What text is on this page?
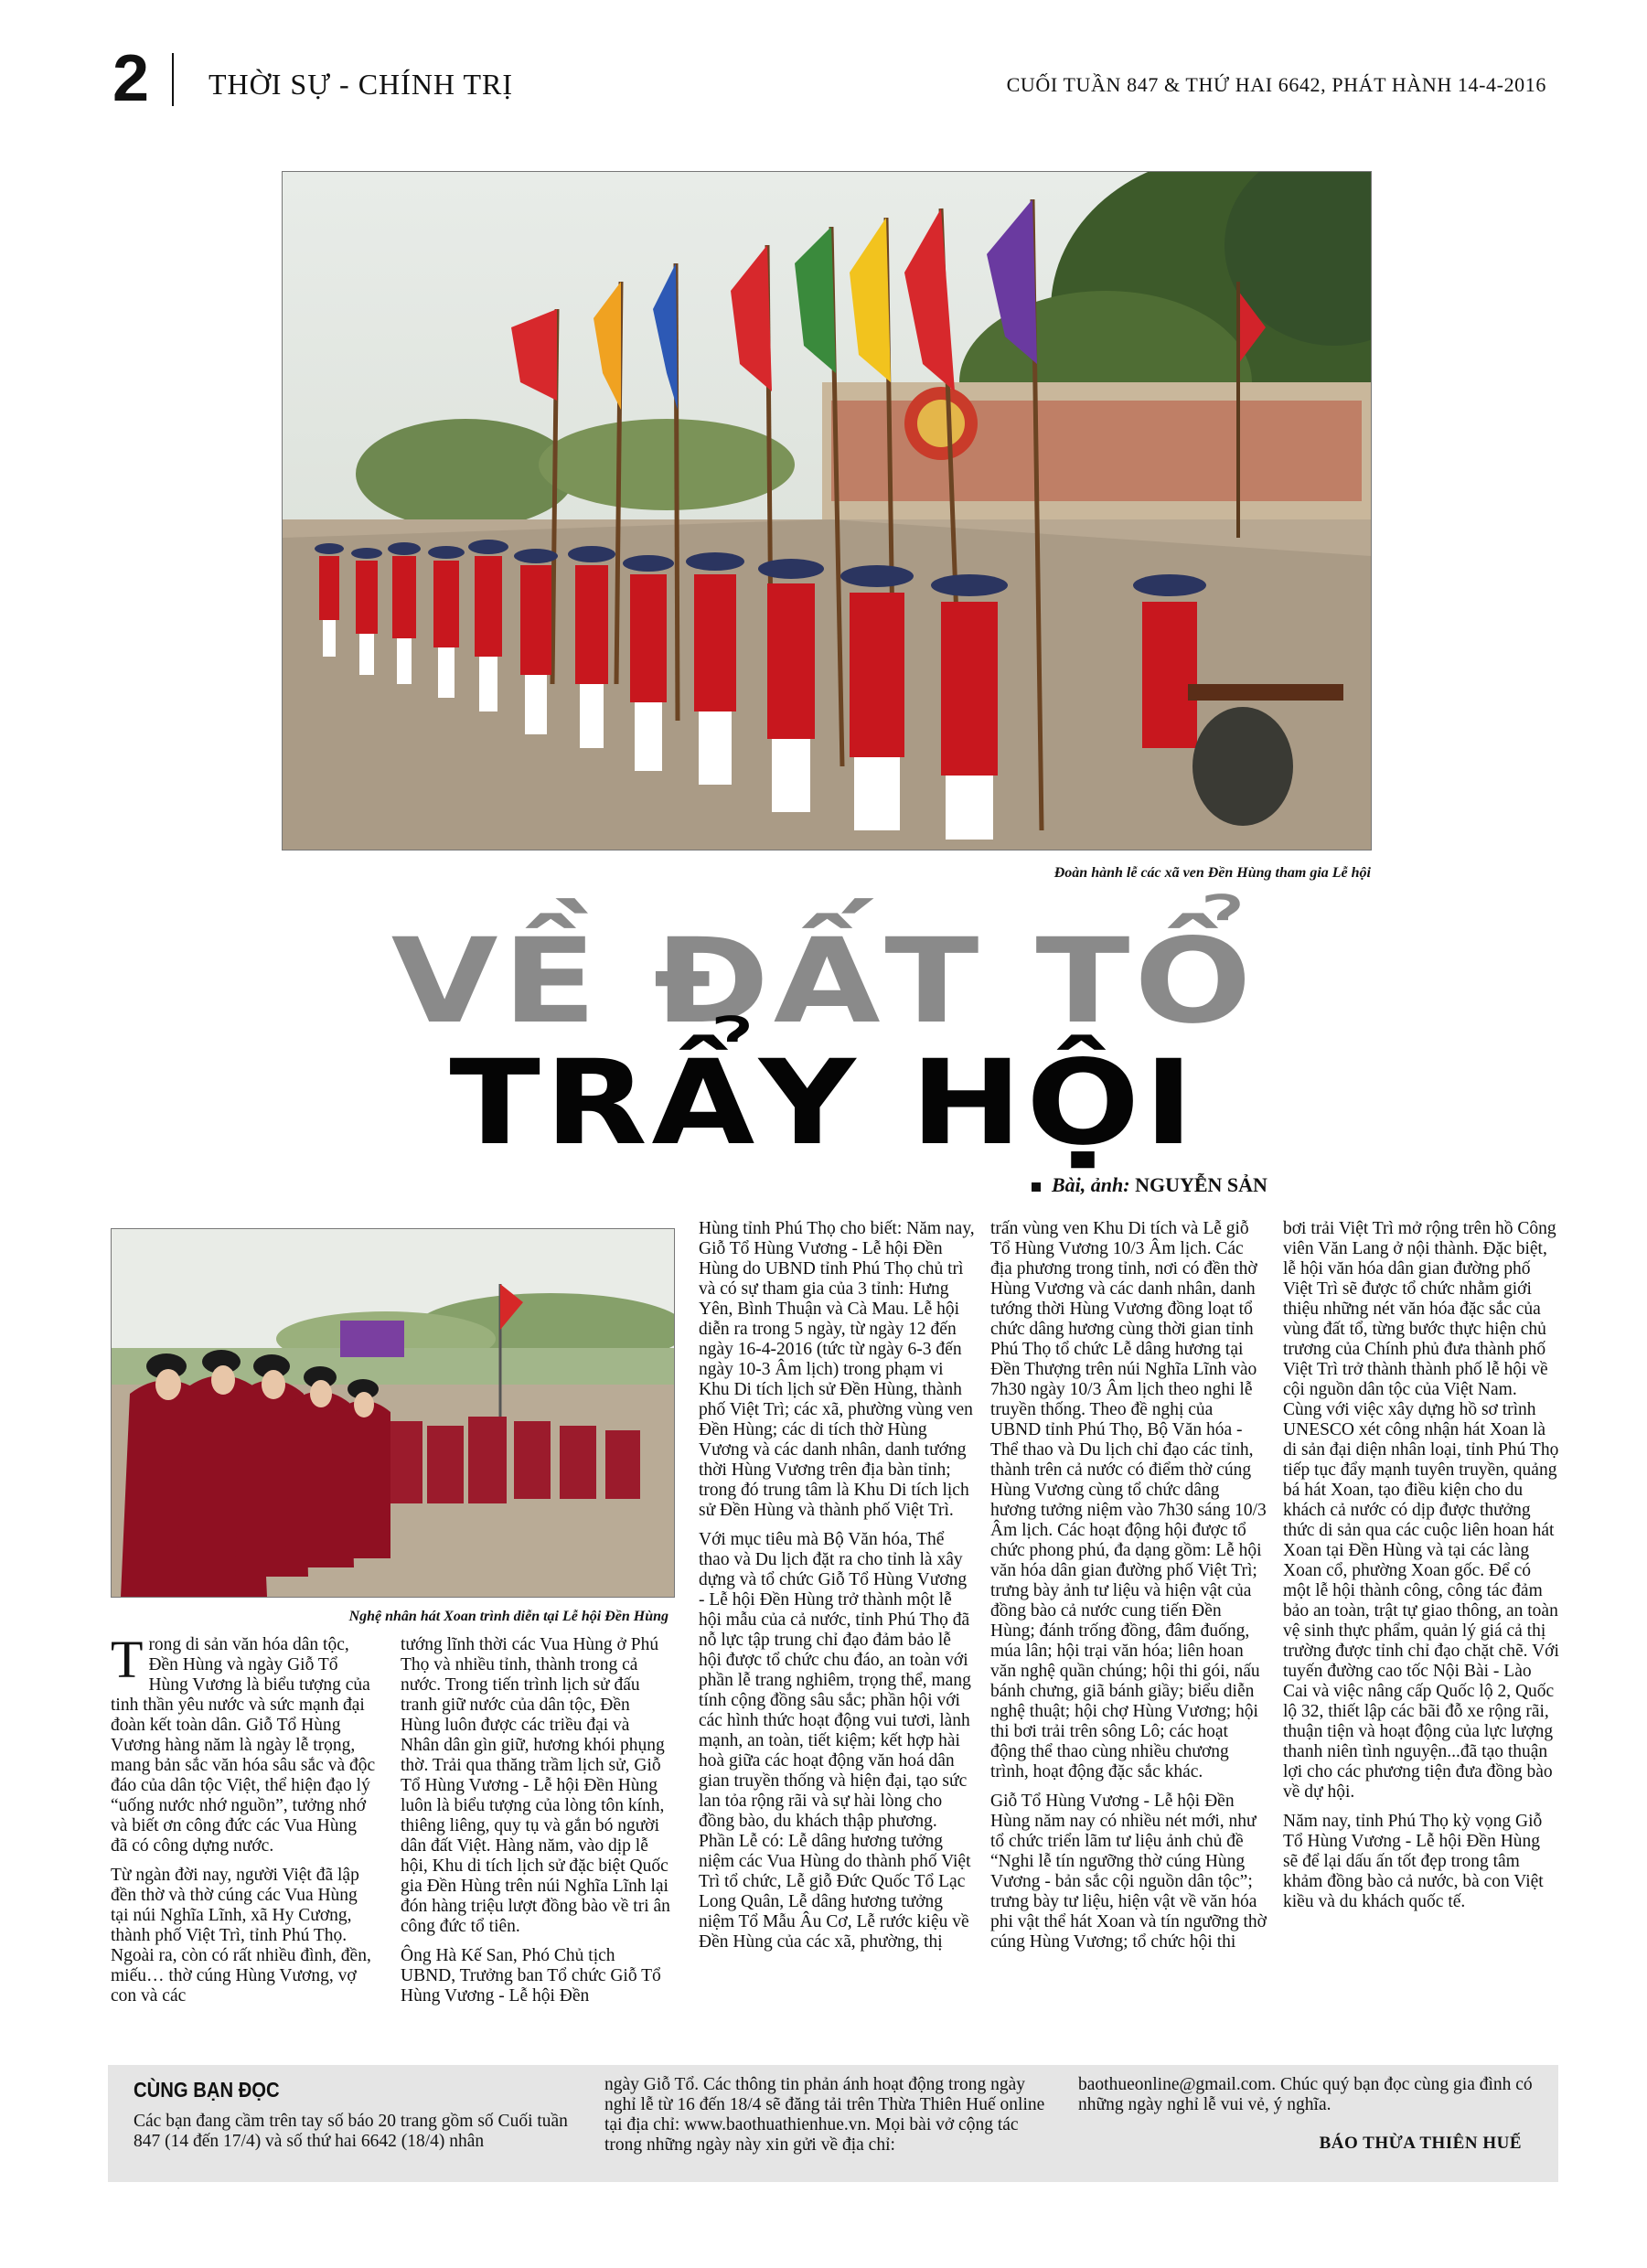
2 THỜI SỰ - CHÍNH TRỊ	CUỐI TUẦN 847 & THỨ HAI 6642, PHÁT HÀNH 14-4-2016
Đoàn hành lễ các xã ven Đền Hùng tham gia Lễ hội
VỀ ĐẤT TỔ
TRẨY HỘI
Bài, ảnh: NGUYỄN SẢN
Nghệ nhân hát Xoan trình diễn tại Lễ hội Đền Hùng

Trong di sản văn hóa dân tộc, Đền Hùng và ngày Giỗ Tổ Hùng Vương là biểu tượng của tinh thần yêu nước và sức mạnh đại đoàn kết toàn dân. Giỗ Tổ Hùng Vương hàng năm là ngày lễ trọng, mang bản sắc văn hóa sâu sắc và độc đáo của dân tộc Việt, thể hiện đạo lý “uống nước nhớ nguồn”, tưởng nhớ và biết ơn công đức các Vua Hùng đã có công dựng nước.

Từ ngàn đời nay, người Việt đã lập đền thờ và thờ cúng các Vua Hùng tại núi Nghĩa Lĩnh, xã Hy Cương, thành phố Việt Trì, tỉnh Phú Thọ. Ngoài ra, còn có rất nhiều đình, đền, miếu… thờ cúng Hùng Vương, vợ con và các

tướng lĩnh thời các Vua Hùng ở Phú Thọ và nhiều tỉnh, thành trong cả nước. Trong tiến trình lịch sử đấu tranh giữ nước của dân tộc, Đền Hùng luôn được các triều đại và Nhân dân gìn giữ, hương khói phụng thờ. Trải qua thăng trầm lịch sử, Giỗ Tổ Hùng Vương - Lễ hội Đền Hùng luôn là biểu tượng của lòng tôn kính, thiêng liêng, quy tụ và gắn bó người dân đất Việt. Hàng năm, vào dịp lễ hội, Khu di tích lịch sử đặc biệt Quốc gia Đền Hùng trên núi Nghĩa Lĩnh lại đón hàng triệu lượt đồng bào về tri ân công đức tổ tiên.

Ông Hà Kế San, Phó Chủ tịch UBND, Trưởng ban Tổ chức Giỗ Tổ Hùng Vương - Lễ hội Đền

Hùng tỉnh Phú Thọ cho biết: Năm nay, Giỗ Tổ Hùng Vương - Lễ hội Đền Hùng do UBND tỉnh Phú Thọ chủ trì và có sự tham gia của 3 tỉnh: Hưng Yên, Bình Thuận và Cà Mau. Lễ hội diễn ra trong 5 ngày, từ ngày 12 đến ngày 16-4-2016 (tức từ ngày 6-3 đến ngày 10-3 Âm lịch) trong phạm vi Khu Di tích lịch sử Đền Hùng, thành phố Việt Trì; các xã, phường vùng ven Đền Hùng; các di tích thờ Hùng Vương và các danh nhân, danh tướng thời Hùng Vương trên địa bàn tỉnh; trong đó trung tâm là Khu Di tích lịch sử Đền Hùng và thành phố Việt Trì.

Với mục tiêu mà Bộ Văn hóa, Thể thao và Du lịch đặt ra cho tỉnh là xây dựng và tổ chức Giỗ Tổ Hùng Vương - Lễ hội Đền Hùng trở thành một lễ hội mẫu của cả nước, tỉnh Phú Thọ đã nỗ lực tập trung chỉ đạo đảm bảo lễ hội được tổ chức chu đáo, an toàn với phần lễ trang nghiêm, trọng thể, mang tính cộng đồng sâu sắc; phần hội với các hình thức hoạt động vui tươi, lành mạnh, an toàn, tiết kiệm; kết hợp hài hoà giữa các hoạt động văn hoá dân gian truyền thống và hiện đại, tạo sức lan tỏa rộng rãi và sự hài lòng cho đồng bào, du khách thập phương. Phần Lễ có: Lễ dâng hương tưởng niệm các Vua Hùng do thành phố Việt Trì tổ chức, Lễ giỗ Đức Quốc Tổ Lạc Long Quân, Lễ dâng hương tưởng niệm Tổ Mẫu Âu Cơ, Lễ rước kiệu về Đền Hùng của các xã, phường, thị

trấn vùng ven Khu Di tích và Lễ giỗ Tổ Hùng Vương 10/3 Âm lịch. Các địa phương trong tỉnh, nơi có đền thờ Hùng Vương và các danh nhân, danh tướng thời Hùng Vương đồng loạt tổ chức dâng hương cùng thời gian tỉnh Phú Thọ tổ chức Lễ dâng hương tại Đền Thượng trên núi Nghĩa Lĩnh vào 7h30 ngày 10/3 Âm lịch theo nghi lễ truyền thống. Theo đề nghị của UBND tỉnh Phú Thọ, Bộ Văn hóa - Thể thao và Du lịch chỉ đạo các tỉnh, thành trên cả nước có điểm thờ cúng Hùng Vương cùng tổ chức dâng hương tưởng niệm vào 7h30 sáng 10/3 Âm lịch. Các hoạt động hội được tổ chức phong phú, đa dạng gồm: Lễ hội văn hóa dân gian đường phố Việt Trì; trưng bày ảnh tư liệu và hiện vật của đồng bào cả nước cung tiến Đền Hùng; đánh trống đồng, đâm đuống, múa lân; hội trại văn hóa; liên hoan văn nghệ quần chúng; hội thi gói, nấu bánh chưng, giã bánh giầy; biểu diễn nghệ thuật; hội chợ Hùng Vương; hội thi bơi trải trên sông Lô; các hoạt động thể thao cùng nhiều chương trình, hoạt động đặc sắc khác.

Giỗ Tổ Hùng Vương - Lễ hội Đền Hùng năm nay có nhiều nét mới, như tổ chức triển lãm tư liệu ảnh chủ đề “Nghi lễ tín ngưỡng thờ cúng Hùng Vương - bản sắc cội nguồn dân tộc”; trưng bày tư liệu, hiện vật về văn hóa phi vật thể hát Xoan và tín ngưỡng thờ cúng Hùng Vương; tổ chức hội thi

bơi trải Việt Trì mở rộng trên hồ Công viên Văn Lang ở nội thành. Đặc biệt, lễ hội văn hóa dân gian đường phố Việt Trì sẽ được tổ chức nhằm giới thiệu những nét văn hóa đặc sắc của vùng đất tổ, từng bước thực hiện chủ trương của Chính phủ đưa thành phố Việt Trì trở thành thành phố lễ hội về cội nguồn dân tộc của Việt Nam. Cùng với việc xây dựng hồ sơ trình UNESCO xét công nhận hát Xoan là di sản đại diện nhân loại, tỉnh Phú Thọ tiếp tục đẩy mạnh tuyên truyền, quảng bá hát Xoan, tạo điều kiện cho du khách cả nước có dịp được thưởng thức di sản qua các cuộc liên hoan hát Xoan tại Đền Hùng và tại các làng Xoan cổ, phường Xoan gốc. Để có một lễ hội thành công, công tác đảm bảo an toàn, trật tự giao thông, an toàn vệ sinh thực phẩm, quản lý giá cả thị trường được tỉnh chỉ đạo chặt chẽ. Với tuyến đường cao tốc Nội Bài - Lào Cai và việc nâng cấp Quốc lộ 2, Quốc lộ 32, thiết lập các bãi đỗ xe rộng rãi, thuận tiện và hoạt động của lực lượng thanh niên tình nguyện...đã tạo thuận lợi cho các phương tiện đưa đồng bào về dự hội.

Năm nay, tỉnh Phú Thọ kỳ vọng Giỗ Tổ Hùng Vương - Lễ hội Đền Hùng sẽ để lại dấu ấn tốt đẹp trong tâm khảm đồng bào cả nước, bà con Việt kiều và du khách quốc tế.

CÙNG BẠN ĐỌC
Các bạn đang cầm trên tay số báo 20 trang gồm số Cuối tuần 847 (14 đến 17/4) và số thứ hai 6642 (18/4) nhân
ngày Giỗ Tổ. Các thông tin phản ánh hoạt động trong ngày nghỉ lễ từ 16 đến 18/4 sẽ đăng tải trên Thừa Thiên Huế online tại địa chỉ: www.baothuathienhue.vn. Mọi bài vở cộng tác trong những ngày này xin gửi về địa chỉ:
baothueonline@gmail.com. Chúc quý bạn đọc cùng gia đình có những ngày nghỉ lễ vui vẻ, ý nghĩa.
BÁO THỪA THIÊN HUẾ
